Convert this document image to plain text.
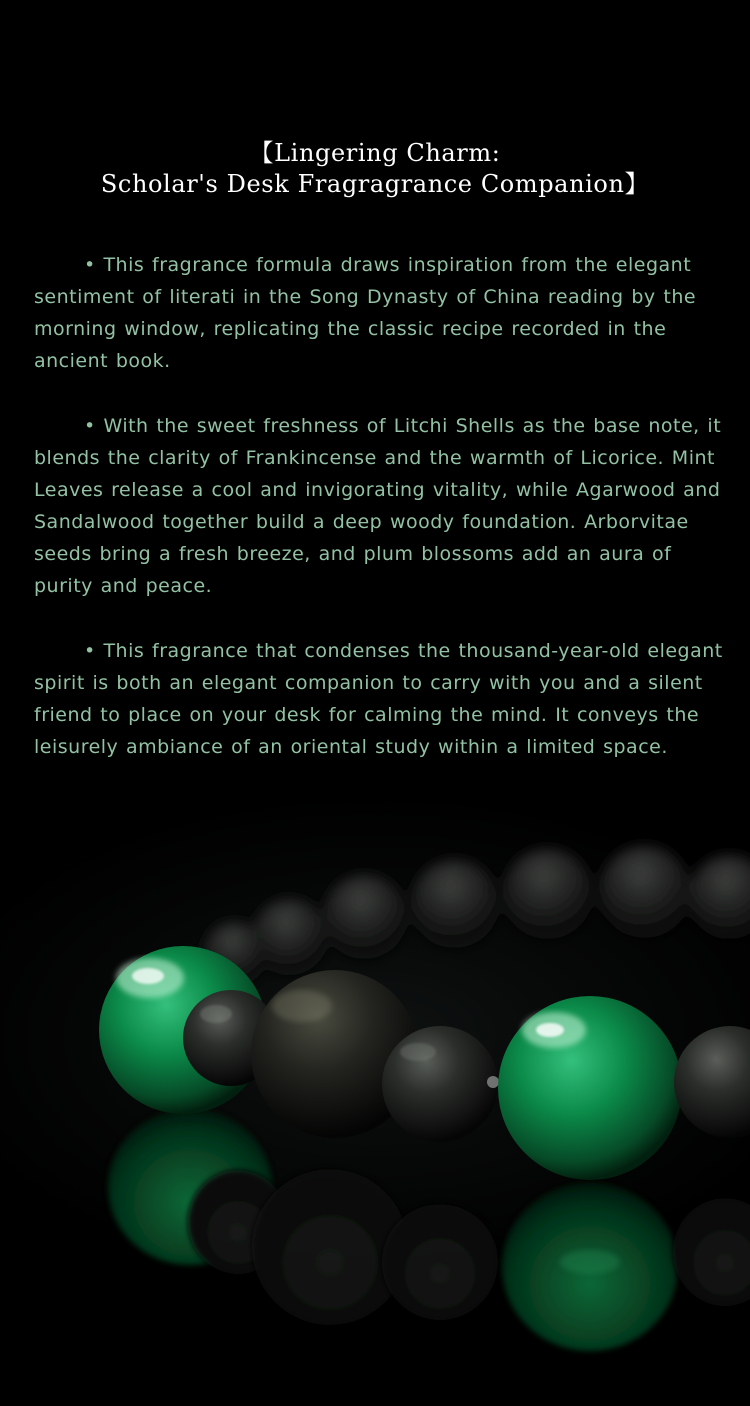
【Lingering Charm:
Scholar's Desk Fragragrance Companion】

• This fragrance formula draws inspiration from the elegant sentiment of literati in the Song Dynasty of China reading by the morning window, replicating the classic recipe recorded in the ancient book.

• With the sweet freshness of Litchi Shells as the base note, it blends the clarity of Frankincense and the warmth of Licorice. Mint Leaves release a cool and invigorating vitality, while Agarwood and Sandalwood together build a deep woody foundation. Arborvitae seeds bring a fresh breeze, and plum blossoms add an aura of purity and peace.

• This fragrance that condenses the thousand-year-old elegant spirit is both an elegant companion to carry with you and a silent friend to place on your desk for calming the mind. It conveys the leisurely ambiance of an oriental study within a limited space.
